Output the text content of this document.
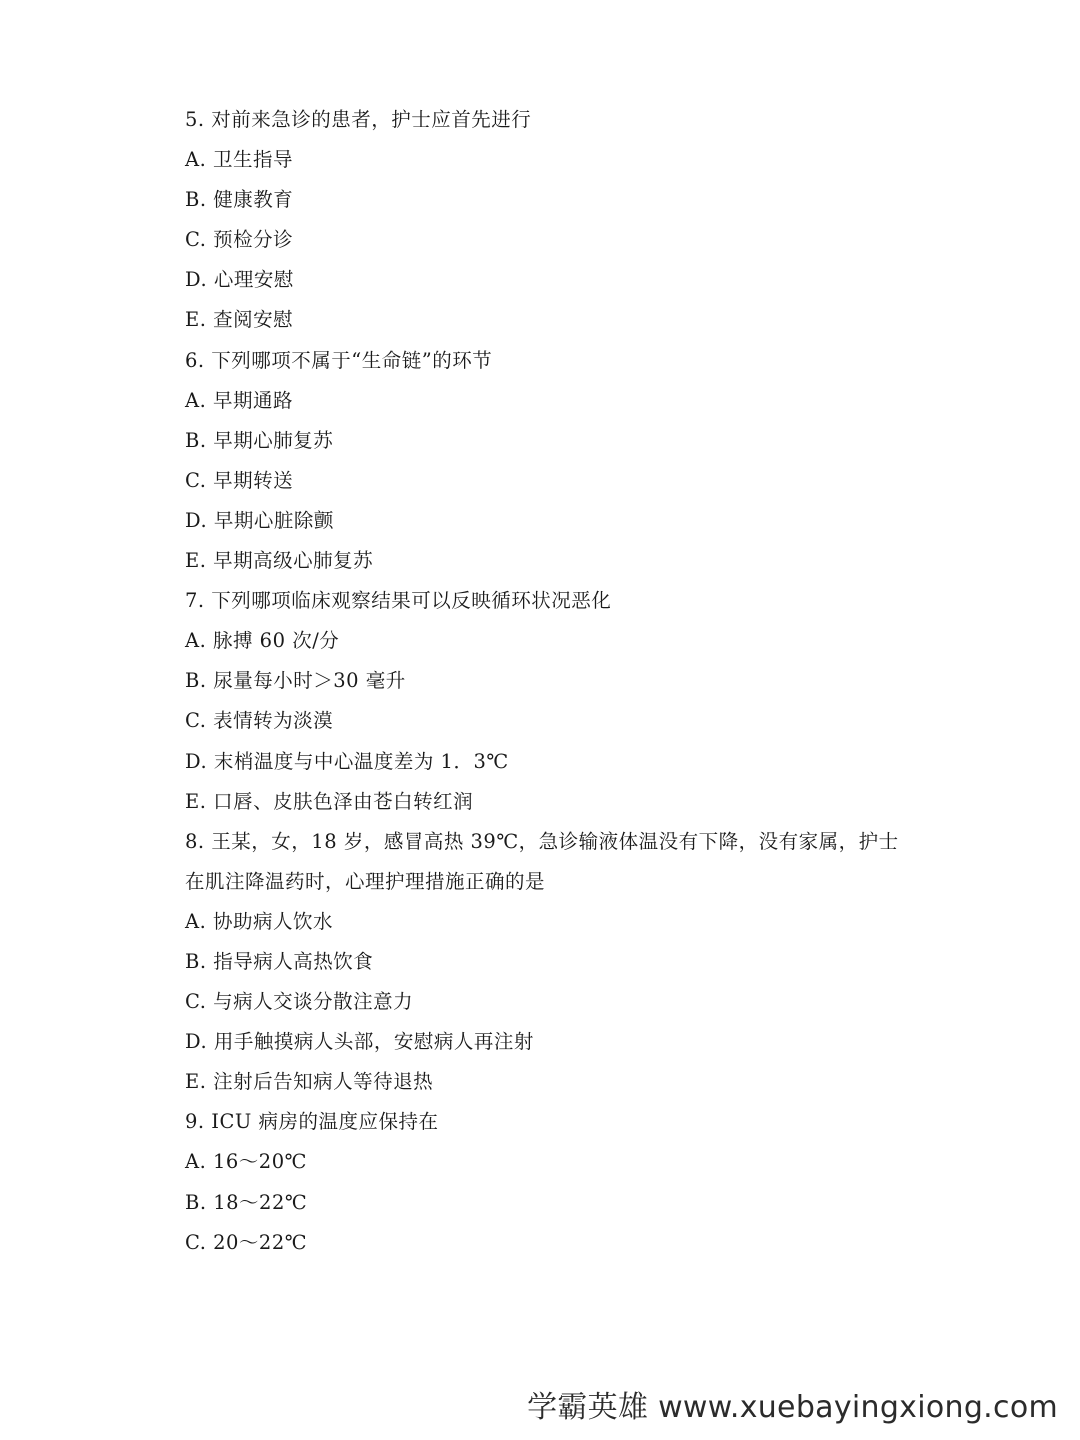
5. 对前来急诊的患者，护士应首先进行
A. 卫生指导
B. 健康教育
C. 预检分诊
D. 心理安慰
E. 查阅安慰
6. 下列哪项不属于“生命链”的环节
A. 早期通路
B. 早期心肺复苏
C. 早期转送
D. 早期心脏除颤
E. 早期高级心肺复苏
7. 下列哪项临床观察结果可以反映循环状况恶化
A. 脉搏 60 次/分
B. 尿量每小时＞30 毫升
C. 表情转为淡漠
D. 末梢温度与中心温度差为 1．3℃
E. 口唇、皮肤色泽由苍白转红润
8. 王某，女，18 岁，感冒高热 39℃，急诊输液体温没有下降，没有家属，护士
在肌注降温药时，心理护理措施正确的是
A. 协助病人饮水
B. 指导病人高热饮食
C. 与病人交谈分散注意力
D. 用手触摸病人头部，安慰病人再注射
E. 注射后告知病人等待退热
9. ICU 病房的温度应保持在
A. 16～20℃
B. 18～22℃
C. 20～22℃
学霸英雄 www.xuebayingxiong.com
